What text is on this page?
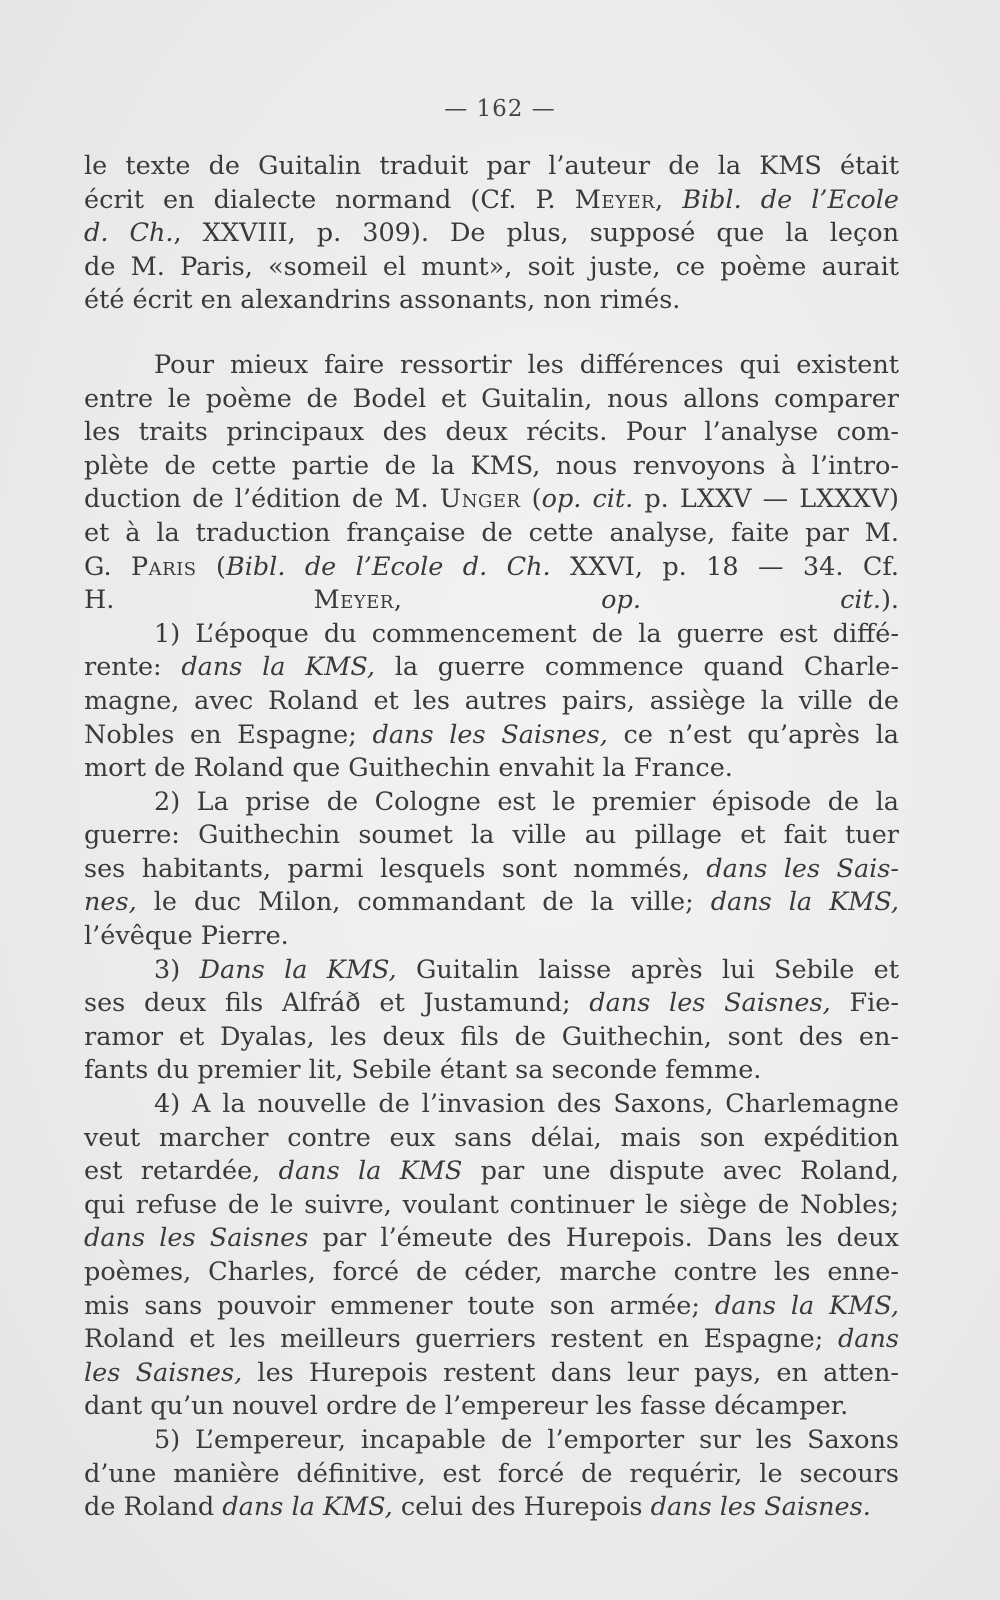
— 162 —
le texte de Guitalin traduit par l’auteur de la KMS était
écrit en dialecte normand (Cf. P. Meyer, Bibl. de l’Ecole
d. Ch., XXVIII, p. 309). De plus, supposé que la leçon
de M. Paris, «someil el munt», soit juste, ce poème aurait
été écrit en alexandrins assonants, non rimés.
Pour mieux faire ressortir les différences qui existent
entre le poème de Bodel et Guitalin, nous allons comparer
les traits principaux des deux récits. Pour l’analyse com-
plète de cette partie de la KMS, nous renvoyons à l’intro-
duction de l’édition de M. Unger (op. cit. p. LXXV — LXXXV)
et à la traduction française de cette analyse, faite par M.
G. Paris (Bibl. de l’Ecole d. Ch. XXVI, p. 18 — 34. Cf.
H. Meyer, op. cit.).
1) L’époque du commencement de la guerre est diffé-
rente: dans la KMS, la guerre commence quand Charle-
magne, avec Roland et les autres pairs, assiège la ville de
Nobles en Espagne; dans les Saisnes, ce n’est qu’après la
mort de Roland que Guithechin envahit la France.
2) La prise de Cologne est le premier épisode de la
guerre: Guithechin soumet la ville au pillage et fait tuer
ses habitants, parmi lesquels sont nommés, dans les Sais-
nes, le duc Milon, commandant de la ville; dans la KMS,
l’évêque Pierre.
3) Dans la KMS, Guitalin laisse après lui Sebile et
ses deux fils Alfráð et Justamund; dans les Saisnes, Fie-
ramor et Dyalas, les deux fils de Guithechin, sont des en-
fants du premier lit, Sebile étant sa seconde femme.
4) A la nouvelle de l’invasion des Saxons, Charlemagne
veut marcher contre eux sans délai, mais son expédition
est retardée, dans la KMS par une dispute avec Roland,
qui refuse de le suivre, voulant continuer le siège de Nobles;
dans les Saisnes par l’émeute des Hurepois. Dans les deux
poèmes, Charles, forcé de céder, marche contre les enne-
mis sans pouvoir emmener toute son armée; dans la KMS,
Roland et les meilleurs guerriers restent en Espagne; dans
les Saisnes, les Hurepois restent dans leur pays, en atten-
dant qu’un nouvel ordre de l’empereur les fasse décamper.
5) L’empereur, incapable de l’emporter sur les Saxons
d’une manière définitive, est forcé de requérir, le secours
de Roland dans la KMS, celui des Hurepois dans les Saisnes.
